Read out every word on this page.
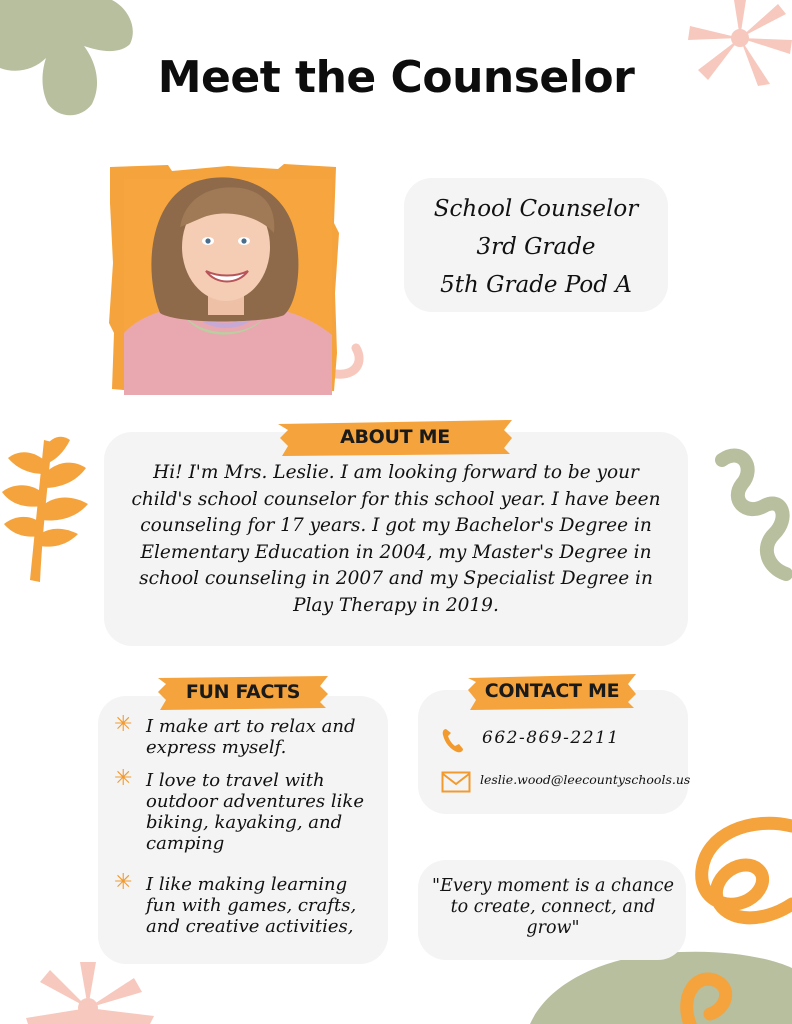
Meet the Counselor
School Counselor
3rd Grade
5th Grade Pod A
ABOUT ME
Hi! I'm Mrs. Leslie. I am looking forward to be your child's school counselor for this school year. I have been counseling for 17 years. I got my Bachelor's Degree in Elementary Education in 2004, my Master's Degree in school counseling in 2007 and my Specialist Degree in Play Therapy in 2019.
FUN FACTS
✳ I make art to relax and express myself.
✳ I love to travel with outdoor adventures like biking, kayaking, and camping
✳ I like making learning fun with games, crafts, and creative activities,
CONTACT ME
662-869-2211
leslie.wood@leecountyschools.us
"Every moment is a chance to create, connect, and grow"
